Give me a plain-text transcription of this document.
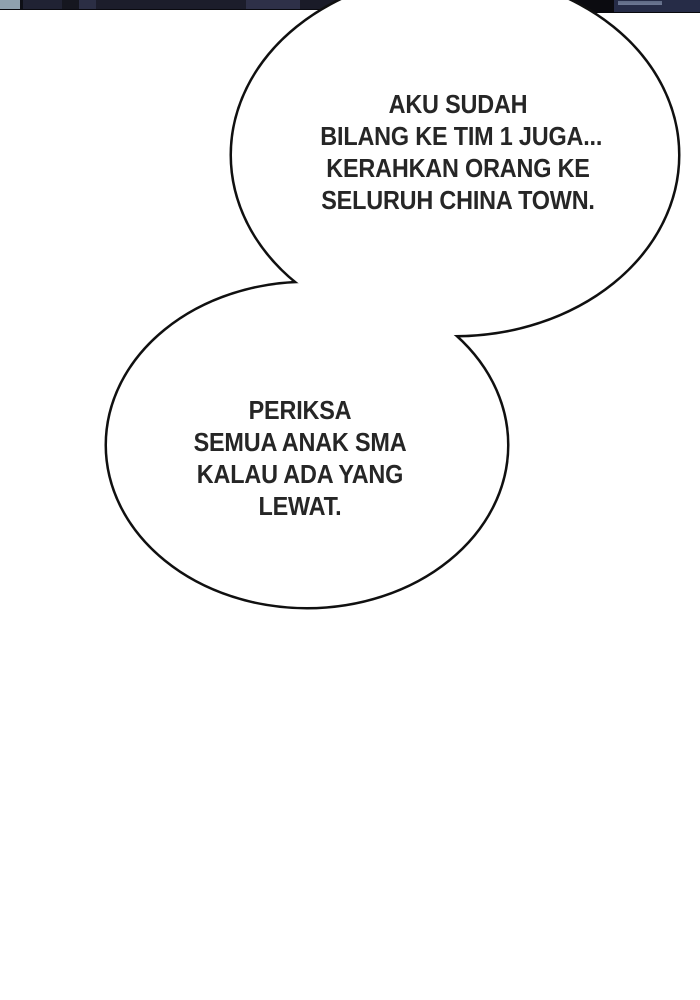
AKU SUDAH
BILANG KE TIM 1 JUGA...
KERAHKAN ORANG KE
SELURUH CHINA TOWN.
PERIKSA
SEMUA ANAK SMA
KALAU ADA YANG
LEWAT.
